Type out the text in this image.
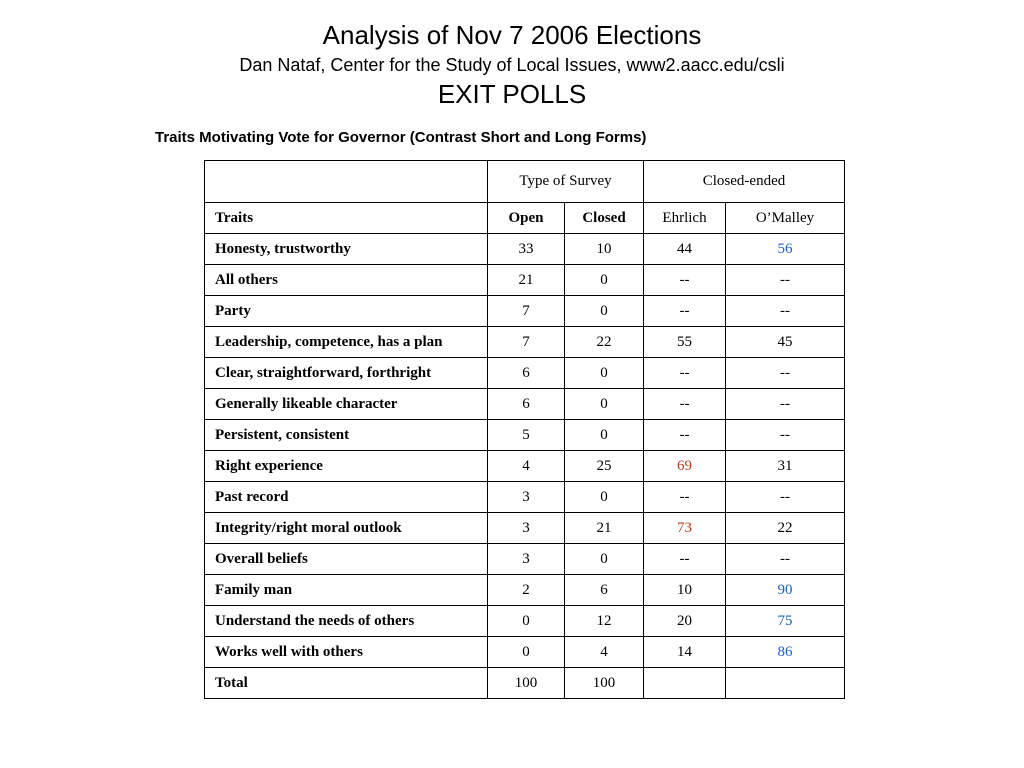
Analysis of Nov 7 2006 Elections
Dan Nataf, Center for the Study of Local Issues, www2.aacc.edu/csli
EXIT POLLS
Traits Motivating Vote for Governor (Contrast Short and Long Forms)
	Type of Survey		Closed-ended	
Traits	Open	Closed	Ehrlich	O’Malley
Honesty, trustworthy	33	10	44	56
All others	21	0	--	--
Party	7	0	--	--
Leadership, competence, has a plan	7	22	55	45
Clear, straightforward, forthright	6	0	--	--
Generally likeable character	6	0	--	--
Persistent, consistent	5	0	--	--
Right experience	4	25	69	31
Past record	3	0	--	--
Integrity/right moral outlook	3	21	73	22
Overall beliefs	3	0	--	--
Family man	2	6	10	90
Understand the needs of others	0	12	20	75
Works well with others	0	4	14	86
Total	100	100		
